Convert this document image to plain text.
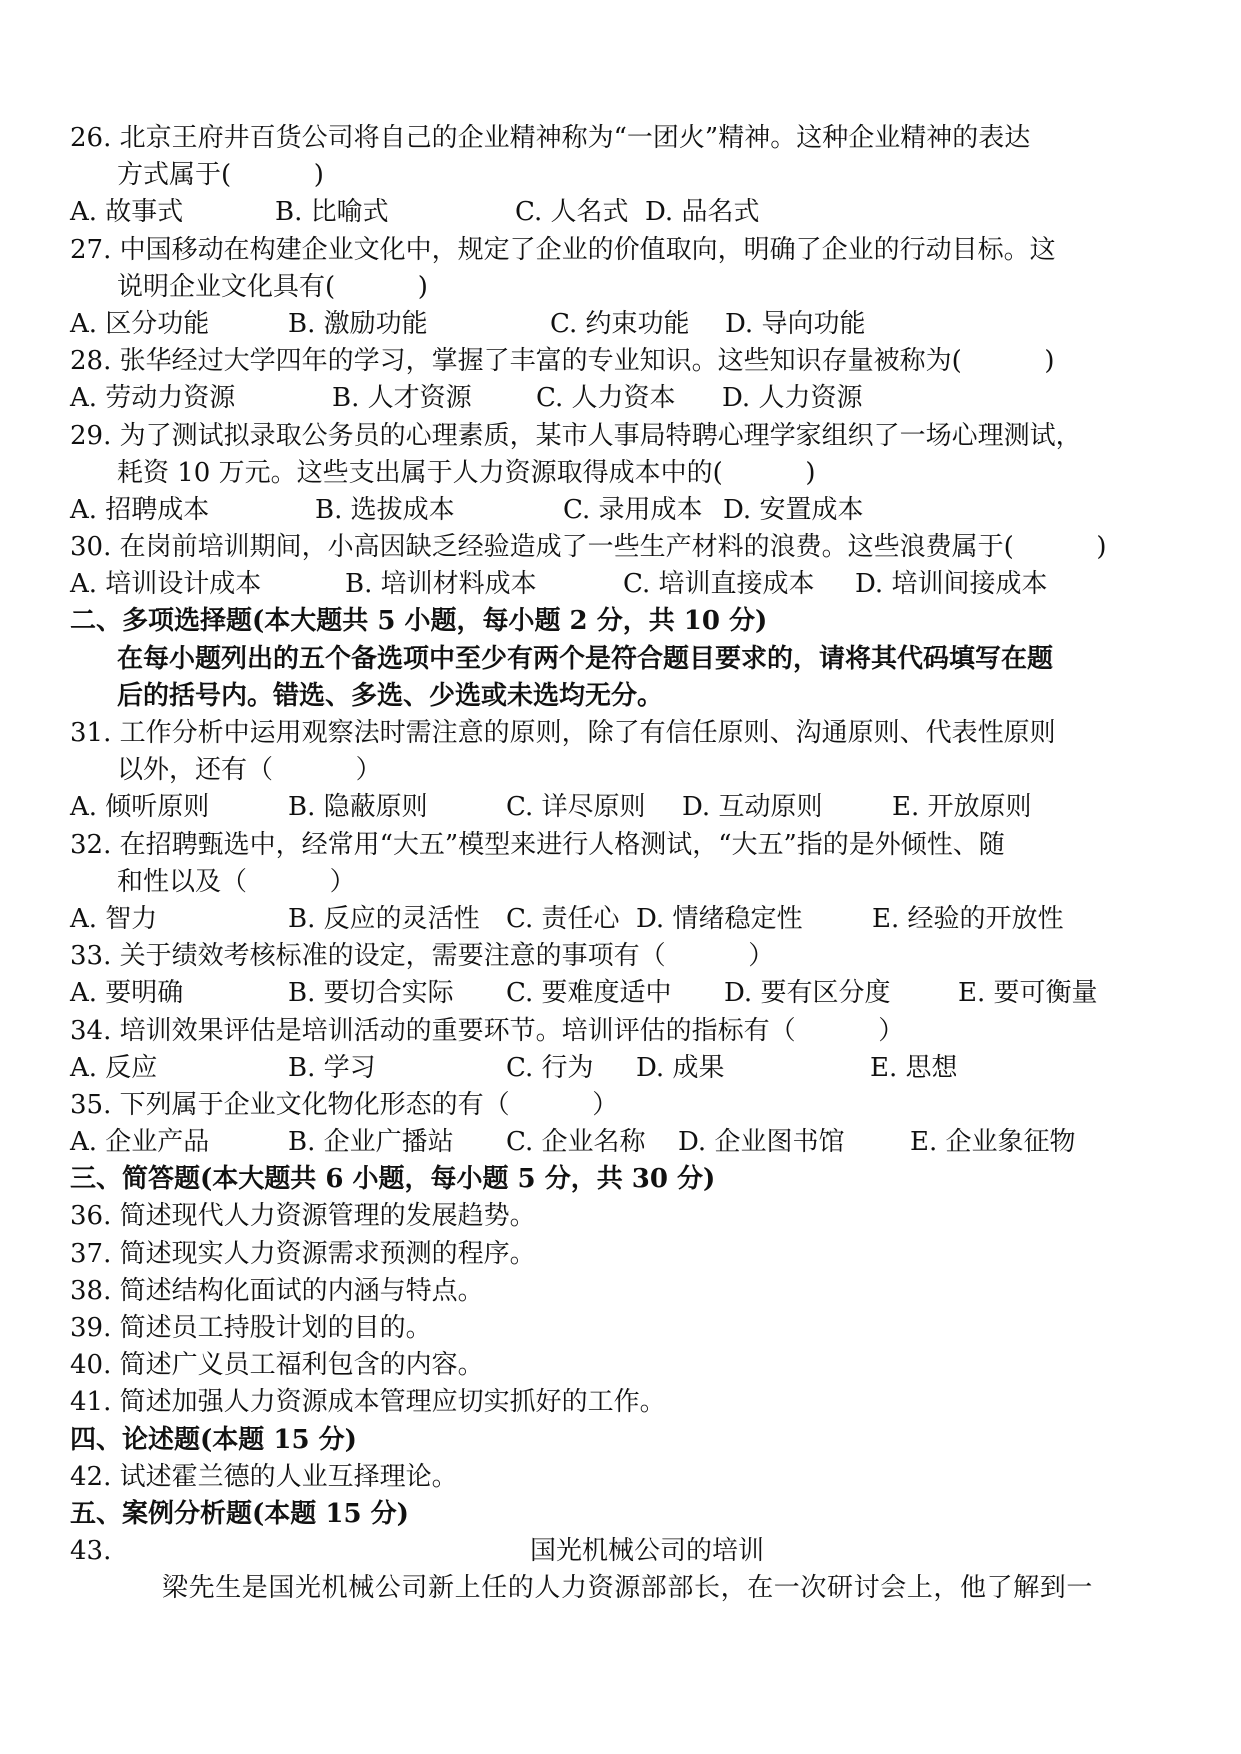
26. 北京王府井百货公司将自己的企业精神称为“一团火”精神。这种企业精神的表达
方式属于(          )
A. 故事式	B. 比喻式	C. 人名式 D. 品名式
27. 中国移动在构建企业文化中，规定了企业的价值取向，明确了企业的行动目标。这
说明企业文化具有(          )
A. 区分功能	B. 激励功能	C. 约束功能	D. 导向功能
28. 张华经过大学四年的学习，掌握了丰富的专业知识。这些知识存量被称为(          )
A. 劳动力资源	B. 人才资源	C. 人力资本	D. 人力资源
29. 为了测试拟录取公务员的心理素质，某市人事局特聘心理学家组织了一场心理测试，
耗资 10 万元。这些支出属于人力资源取得成本中的(          )
A. 招聘成本	B. 选拔成本	C. 录用成本 D. 安置成本
30. 在岗前培训期间，小高因缺乏经验造成了一些生产材料的浪费。这些浪费属于(          )
A. 培训设计成本	B. 培训材料成本	C. 培训直接成本	D. 培训间接成本
二、多项选择题(本大题共 5 小题，每小题 2 分，共 10 分)
在每小题列出的五个备选项中至少有两个是符合题目要求的，请将其代码填写在题
后的括号内。错选、多选、少选或未选均无分。
31. 工作分析中运用观察法时需注意的原则，除了有信任原则、沟通原则、代表性原则
以外，还有（          ）
A. 倾听原则	B. 隐蔽原则	C. 详尽原则	D. 互动原则	E. 开放原则
32. 在招聘甄选中，经常用“大五”模型来进行人格测试，“大五”指的是外倾性、随
和性以及（          ）
A. 智力	B. 反应的灵活性	C. 责任心 D. 情绪稳定性	E. 经验的开放性
33. 关于绩效考核标准的设定，需要注意的事项有（          ）
A. 要明确	B. 要切合实际	C. 要难度适中	D. 要有区分度	E. 要可衡量
34. 培训效果评估是培训活动的重要环节。培训评估的指标有（          ）
A. 反应	B. 学习	C. 行为	D. 成果	E. 思想
35. 下列属于企业文化物化形态的有（          ）
A. 企业产品	B. 企业广播站	C. 企业名称	D. 企业图书馆	E. 企业象征物
三、简答题(本大题共 6 小题，每小题 5 分，共 30 分)
36. 简述现代人力资源管理的发展趋势。
37. 简述现实人力资源需求预测的程序。
38. 简述结构化面试的内涵与特点。
39. 简述员工持股计划的目的。
40. 简述广义员工福利包含的内容。
41. 简述加强人力资源成本管理应切实抓好的工作。
四、论述题(本题 15 分)
42. 试述霍兰德的人业互择理论。
五、案例分析题(本题 15 分)
43.	国光机械公司的培训
梁先生是国光机械公司新上任的人力资源部部长，在一次研讨会上，他了解到一
